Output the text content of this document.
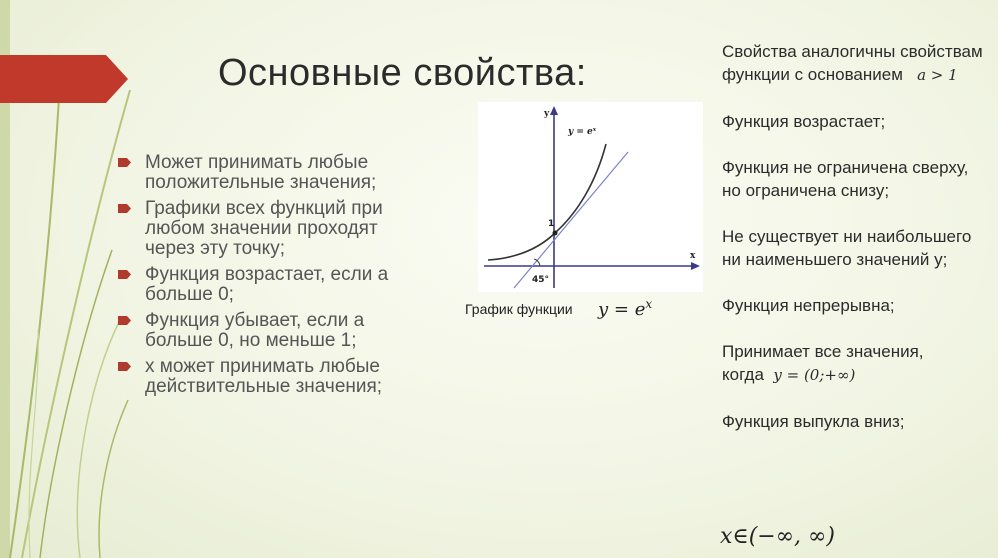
Основные свойства:
Может принимать любые положительные значения;
Графики всех функций при любом значении проходят через эту точку;
Функция возрастает, если а больше 0;
Функция убывает, если а больше 0, но меньше 1;
х может принимать любые действительные значения;
y
x
y = eˣ
1
45°
График функции $y = e^x$

Свойства аналогичны свойствам функции с основанием a > 1

Функция возрастает;

Функция не ограничена сверху, но ограничена снизу;

Не существует ни наибольшего ни наименьшего значений y;

Функция непрерывна;

Принимает все значения, когда y = (0;+∞)

Функция выпукла вниз;

x∈(−∞, ∞)
